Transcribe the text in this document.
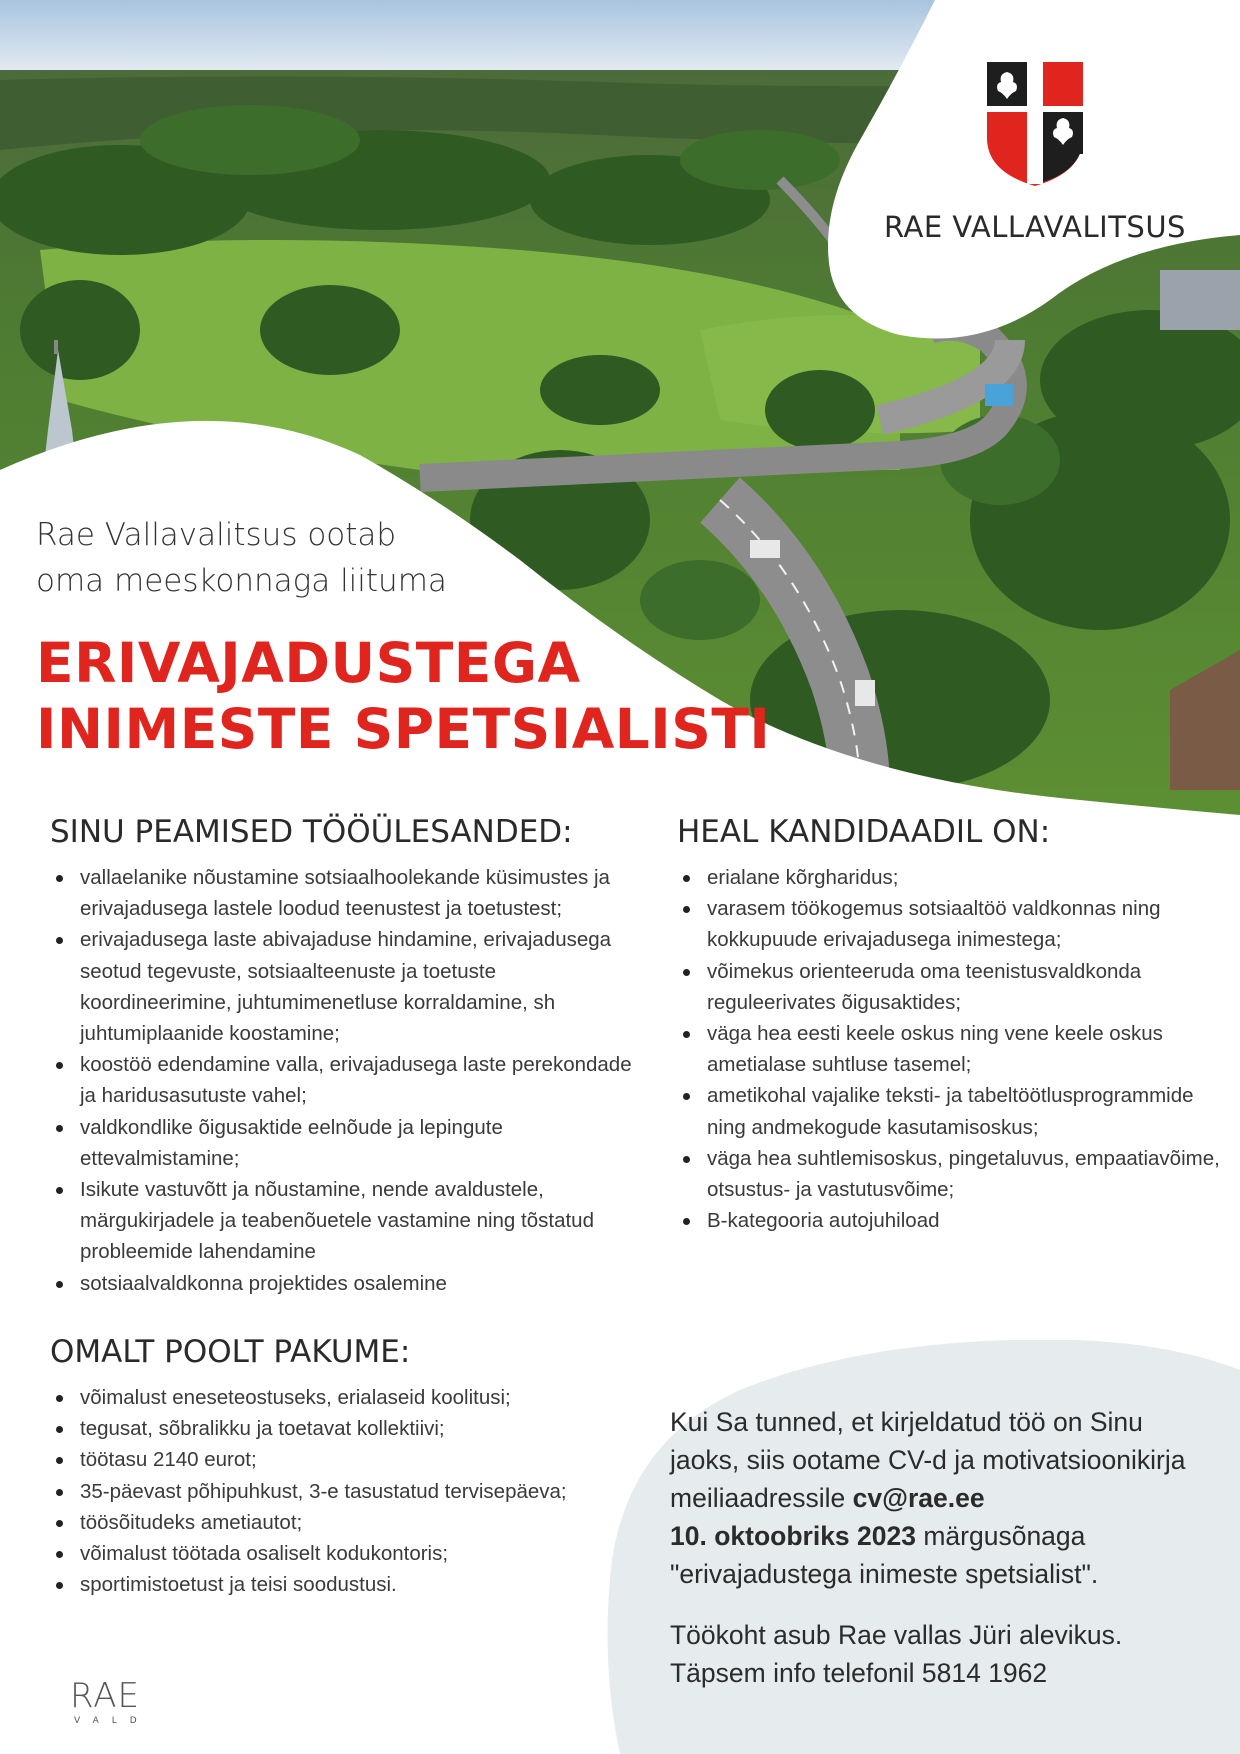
RAE VALLAVALITSUS
Rae Vallavalitsus ootab
oma meeskonnaga liituma
ERIVAJADUSTEGA
INIMESTE SPETSIALISTI
SINU PEAMISED TÖÖÜLESANDED:
vallaelanike nõustamine sotsiaalhoolekande küsimustes ja erivajadusega lastele loodud teenustest ja toetustest;
erivajadusega laste abivajaduse hindamine, erivajadusega seotud tegevuste, sotsiaalteenuste ja toetuste koordineerimine, juhtumimenetluse korraldamine, sh juhtumiplaanide koostamine;
koostöö edendamine valla, erivajadusega laste perekondade ja haridusasutuste vahel;
valdkondlike õigusaktide eelnõude ja lepingute ettevalmistamine;
Isikute vastuvõtt ja nõustamine, nende avaldustele, märgukirjadele ja teabenõuetele vastamine ning tõstatud probleemide lahendamine
sotsiaalvaldkonna projektides osalemine
HEAL KANDIDAADIL ON:
erialane kõrgharidus;
varasem töökogemus sotsiaaltöö valdkonnas ning kokkupuude erivajadusega inimestega;
võimekus orienteeruda oma teenistusvaldkonda reguleerivates õigusaktides;
väga hea eesti keele oskus ning vene keele oskus ametialase suhtluse tasemel;
ametikohal vajalike teksti- ja tabeltöötlusprogrammide ning andmekogude kasutamisoskus;
väga hea suhtlemisoskus, pingetaluvus, empaatiavõime, otsustus- ja vastutusvõime;
B-kategooria autojuhiload
OMALT POOLT PAKUME:
võimalust eneseteostuseks, erialaseid koolitusi;
tegusat, sõbralikku ja toetavat kollektiivi;
töötasu 2140 eurot;
35-päevast põhipuhkust, 3-e tasustatud tervisepäeva;
töösõitudeks ametiautot;
võimalust töötada osaliselt kodukontoris;
sportimistoetust ja teisi soodustusi.

Kui Sa tunned, et kirjeldatud töö on Sinu jaoks, siis ootame CV-d ja motivatsioonikirja meiliaadressile cv@rae.ee
10. oktoobriks 2023 märgusõnaga "erivajadustega inimeste spetsialist".

Töökoht asub Rae vallas Jüri alevikus.

Täpsem info telefonil 5814 1962

RAE
VALD
